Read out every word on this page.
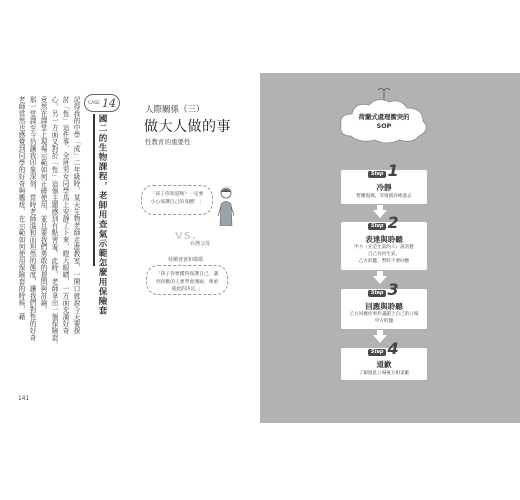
CASE 14
國二的生物課程，老師用查氣示範怎麼用保險套
記得我的中學「成」二年級時，某天生物老師走進教室，一開口就說今天要探
討「性」這件事，全班男女同學馬上安靜了下來，瞪大眼睛，一方面充滿好奇
心，另一方面又對於「性」這個主題感到有點害羞。此時，老師拿出一個保險套，
竟然在課堂上現場示範如何正確使用，並且要我們勇敢的提問與討論。
那一堂課至今仍讓我印象深刻，當時老師溫和而坦然的態度，讓我們對性的好奇
老師當然也感覺到同學的好奇與尷尬，在示範如何使用保險套的時候，藉
141
人際關係（三）
做大人做的事
性教育的重要性
「孩子你知道嗎？一定要小心保護自己的身體！」
台灣父母
VS.
荷蘭爸爸和媽媽
「孩子你要懂得保護自己，遇到喜歡的人要學會溝通，尊重彼此的決定。」
荷蘭式處理衝突的
SOP
Step 1
冷靜
暫離現場，等情緒高峰過去
Step 2
表達與聆聽
甲方（先是生氣的人）說清楚
自己為何生氣，
乙方聆聽，暫時不要回應
Step 3
回應與聆聽
乙方回應於事件議題上自己的立場
甲方聆聽
Step 4
道歉
了解彼此立場後互相道歉
